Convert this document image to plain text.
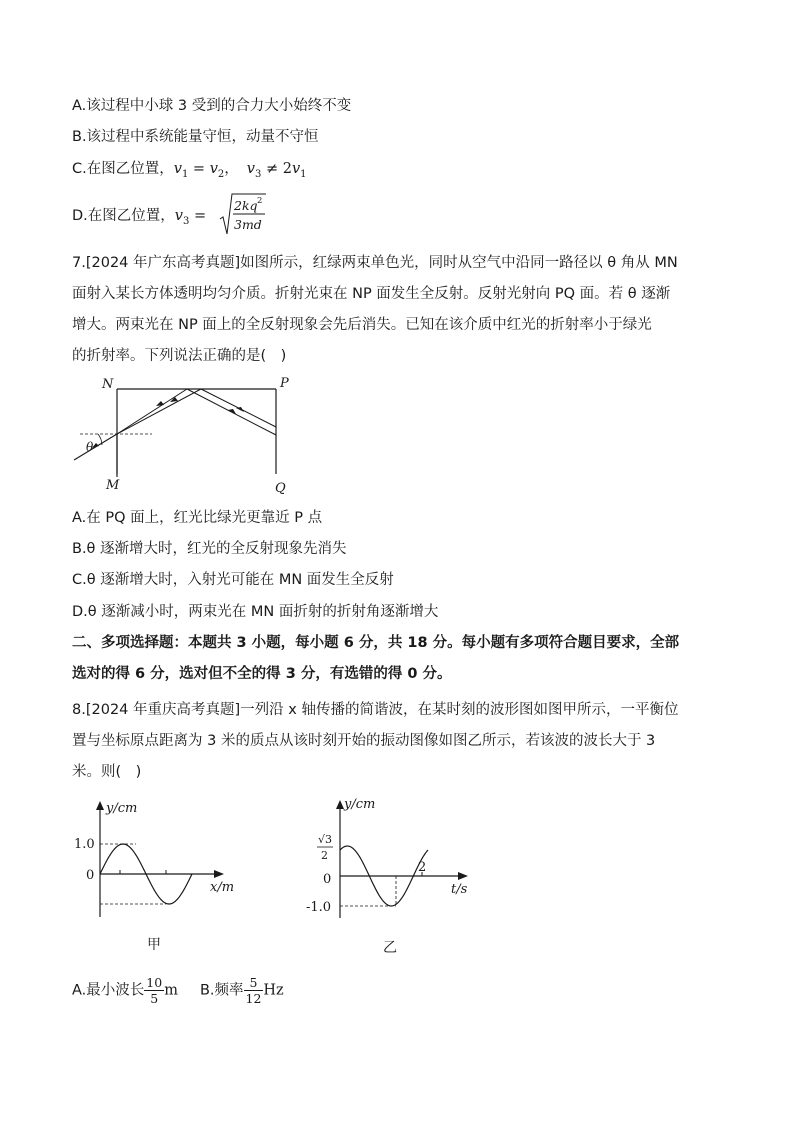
A.该过程中小球 3 受到的合力大小始终不变
B.该过程中系统能量守恒，动量不守恒
C.在图乙位置，$v_1 = v_2$， $v_3 \ne 2v_1$
D.在图乙位置，$v_3$ =
2kq 2
3md
7.[2024 年广东高考真题]如图所示，红绿两束单色光，同时从空气中沿同一路径以 θ 角从 MN
面射入某长方体透明均匀介质。折射光束在 NP 面发生全反射。反射光射向 PQ 面。若 θ 逐渐
增大。两束光在 NP 面上的全反射现象会先后消失。已知在该介质中红光的折射率小于绿光
的折射率。下列说法正确的是(　)
N	P
M	Q
θ
A.在 PQ 面上，红光比绿光更靠近 P 点
B.θ 逐渐增大时，红光的全反射现象先消失
C.θ 逐渐增大时，入射光可能在 MN 面发生全反射
D.θ 逐渐减小时，两束光在 MN 面折射的折射角逐渐增大
二、多项选择题：本题共 3 小题，每小题 6 分，共 18 分。每小题有多项符合题目要求，全部
选对的得 6 分，选对但不全的得 3 分，有选错的得 0 分。
8.[2024 年重庆高考真题]一列沿 x 轴传播的简谐波，在某时刻的波形图如图甲所示，一平衡位
置与坐标原点距离为 3 米的质点从该时刻开始的振动图像如图乙所示，若该波的波长大于 3
米。则(　)
y/cm
1.0
0
x/m
甲
y/cm
√3
2
0
-1.0
2
t/s
乙
A.最小波长 $\frac{10}{5}$ m B.频率 $\frac{5}{12}$ Hz
